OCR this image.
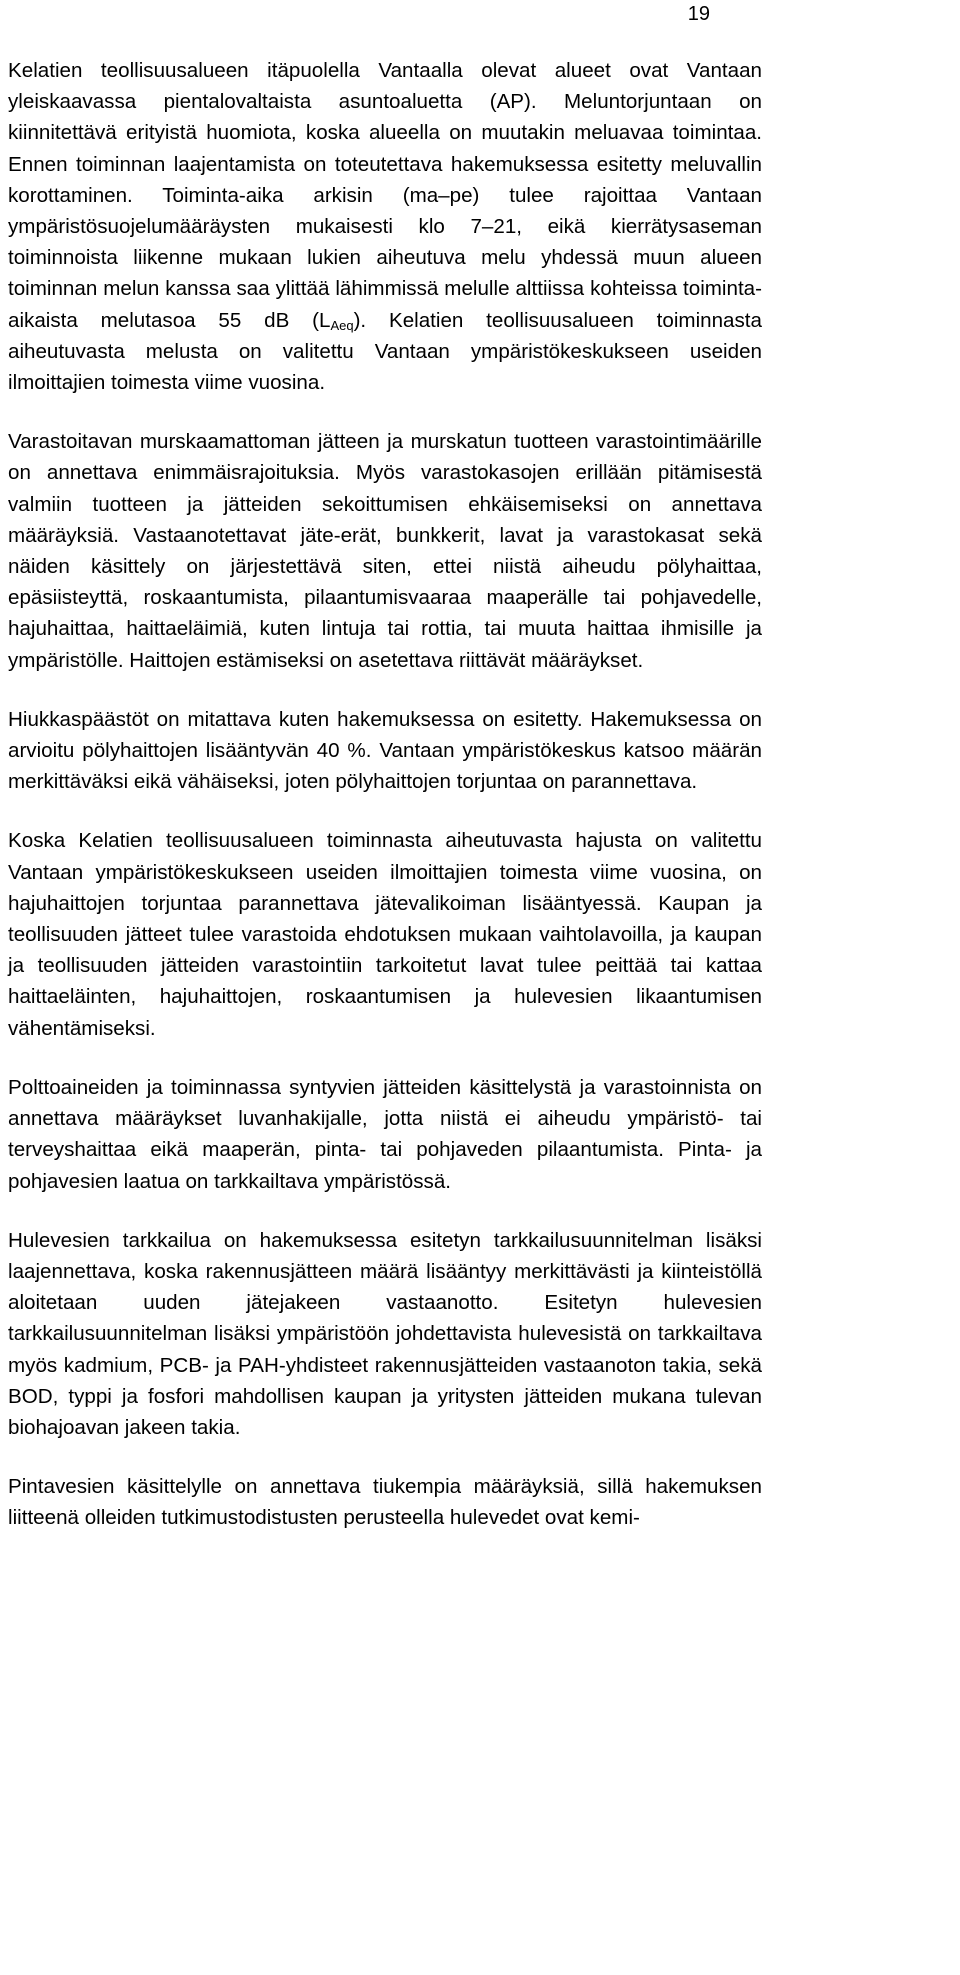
19

Kelatien teollisuusalueen itäpuolella Vantaalla olevat alueet ovat Vantaan yleiskaavassa pientalovaltaista asuntoaluetta (AP). Meluntorjuntaan on kiinnitettävä erityistä huomiota, koska alueella on muutakin meluavaa toimintaa. Ennen toiminnan laajentamista on toteutettava hakemuksessa esitetty meluvallin korottaminen. Toiminta-aika arkisin (ma–pe) tulee rajoittaa Vantaan ympäristösuojelumääräysten mukaisesti klo 7–21, eikä kierrätysaseman toiminnoista liikenne mukaan lukien aiheutuva melu yhdessä muun alueen toiminnan melun kanssa saa ylittää lähimmissä melulle alttiissa kohteissa toiminta-aikaista melutasoa 55 dB $(L_{Aeq})$. Kelatien teollisuusalueen toiminnasta aiheutuvasta melusta on valitettu Vantaan ympäristökeskukseen useiden ilmoittajien toimesta viime vuosina.

Varastoitavan murskaamattoman jätteen ja murskatun tuotteen varastointimäärille on annettava enimmäisrajoituksia. Myös varastokasojen erillään pitämisestä valmiin tuotteen ja jätteiden sekoittumisen ehkäisemiseksi on annettava määräyksiä. Vastaanotettavat jäte-erät, bunkkerit, lavat ja varastokasat sekä näiden käsittely on järjestettävä siten, ettei niistä aiheudu pölyhaittaa, epäsiisteyttä, roskaantumista, pilaantumisvaaraa maaperälle tai pohjavedelle, hajuhaittaa, haittaeläimiä, kuten lintuja tai rottia, tai muuta haittaa ihmisille ja ympäristölle. Haittojen estämiseksi on asetettava riittävät määräykset.

Hiukkaspäästöt on mitattava kuten hakemuksessa on esitetty. Hakemuksessa on arvioitu pölyhaittojen lisääntyvän 40 %. Vantaan ympäristökeskus katsoo määrän merkittäväksi eikä vähäiseksi, joten pölyhaittojen torjuntaa on parannettava.

Koska Kelatien teollisuusalueen toiminnasta aiheutuvasta hajusta on valitettu Vantaan ympäristökeskukseen useiden ilmoittajien toimesta viime vuosina, on hajuhaittojen torjuntaa parannettava jätevalikoiman lisääntyessä. Kaupan ja teollisuuden jätteet tulee varastoida ehdotuksen mukaan vaihtolavoilla, ja kaupan ja teollisuuden jätteiden varastointiin tarkoitetut lavat tulee peittää tai kattaa haittaeläinten, hajuhaittojen, roskaantumisen ja hulevesien likaantumisen vähentämiseksi.

Polttoaineiden ja toiminnassa syntyvien jätteiden käsittelystä ja varastoinnista on annettava määräykset luvanhakijalle, jotta niistä ei aiheudu ympäristö- tai terveyshaittaa eikä maaperän, pinta- tai pohjaveden pilaantumista. Pinta- ja pohjavesien laatua on tarkkailtava ympäristössä.

Hulevesien tarkkailua on hakemuksessa esitetyn tarkkailusuunnitelman lisäksi laajennettava, koska rakennusjätteen määrä lisääntyy merkittävästi ja kiinteistöllä aloitetaan uuden jätejakeen vastaanotto. Esitetyn hulevesien tarkkailusuunnitelman lisäksi ympäristöön johdettavista hulevesistä on tarkkailtava myös kadmium, PCB- ja PAH-yhdisteet rakennusjätteiden vastaanoton takia, sekä BOD, typpi ja fosfori mahdollisen kaupan ja yritysten jätteiden mukana tulevan biohajoavan jakeen takia.

Pintavesien käsittelylle on annettava tiukempia määräyksiä, sillä hakemuksen liitteenä olleiden tutkimustodistusten perusteella hulevedet ovat kemi-
